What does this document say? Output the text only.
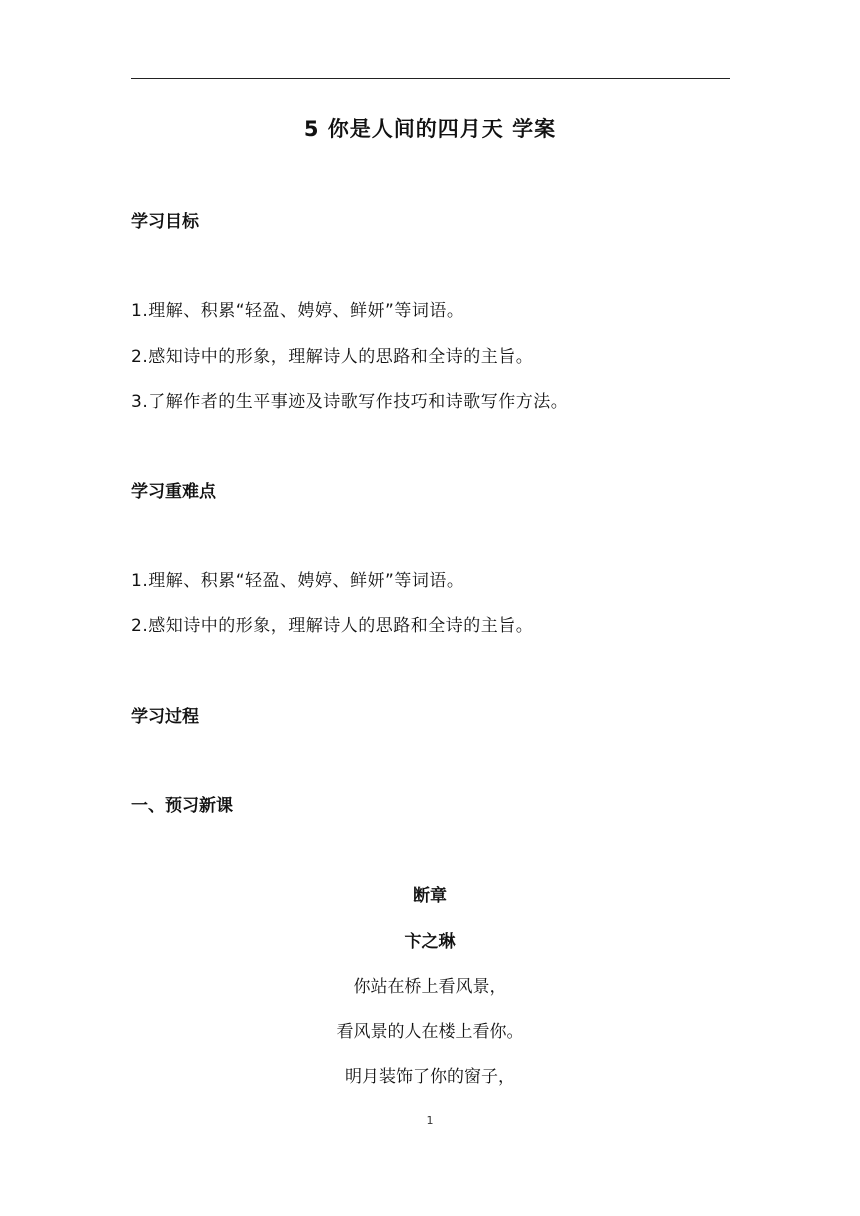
5 你是人间的四月天 学案
学习目标
1.理解、积累“轻盈、娉婷、鲜妍”等词语。
2.感知诗中的形象，理解诗人的思路和全诗的主旨。
3.了解作者的生平事迹及诗歌写作技巧和诗歌写作方法。
学习重难点
1.理解、积累“轻盈、娉婷、鲜妍”等词语。
2.感知诗中的形象，理解诗人的思路和全诗的主旨。
学习过程
一、预习新课
断章
卞之琳
你站在桥上看风景，
看风景的人在楼上看你。
明月装饰了你的窗子，
1
